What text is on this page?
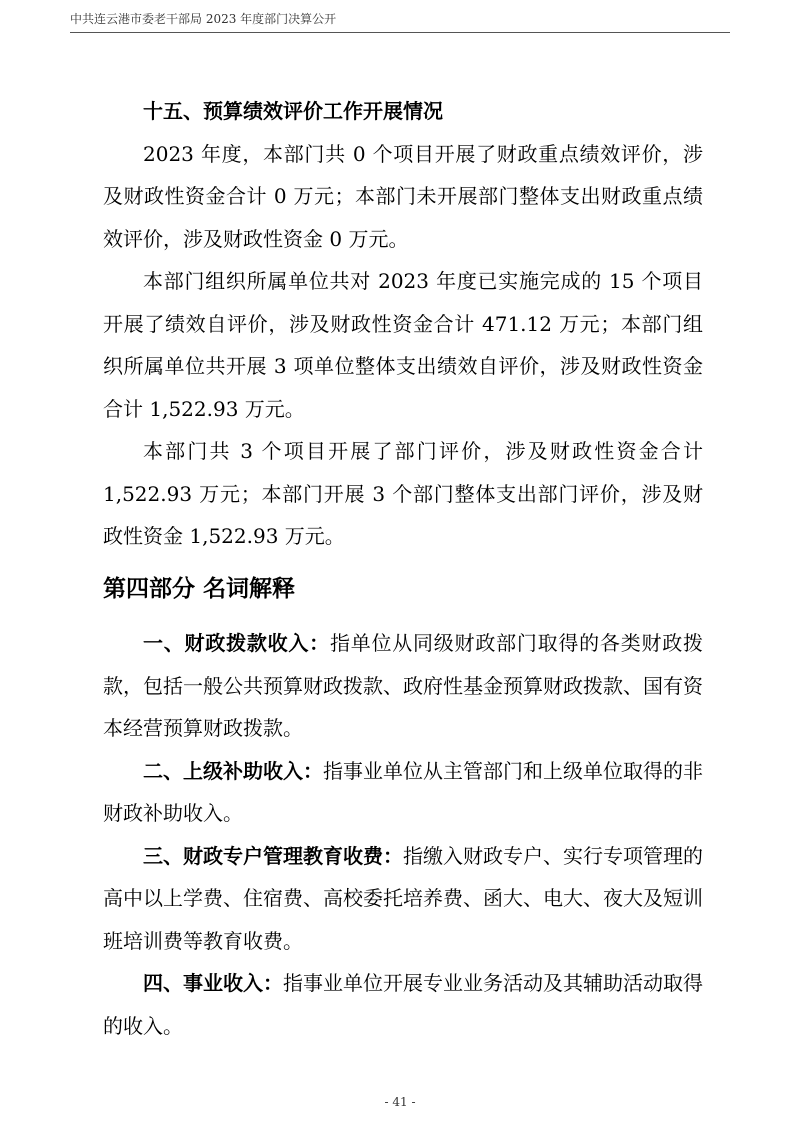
中共连云港市委老干部局 2023 年度部门决算公开

十五、预算绩效评价工作开展情况

2023 年度，本部门共 0 个项目开展了财政重点绩效评价，涉及财政性资金合计 0 万元；本部门未开展部门整体支出财政重点绩效评价，涉及财政性资金 0 万元。

本部门组织所属单位共对 2023 年度已实施完成的 15 个项目开展了绩效自评价，涉及财政性资金合计 471.12 万元；本部门组织所属单位共开展 3 项单位整体支出绩效自评价，涉及财政性资金合计 1,522.93 万元。

本部门共 3 个项目开展了部门评价，涉及财政性资金合计 1,522.93 万元；本部门开展 3 个部门整体支出部门评价，涉及财政性资金 1,522.93 万元。

第四部分 名词解释

一、财政拨款收入：指单位从同级财政部门取得的各类财政拨款，包括一般公共预算财政拨款、政府性基金预算财政拨款、国有资本经营预算财政拨款。

二、上级补助收入：指事业单位从主管部门和上级单位取得的非财政补助收入。

三、财政专户管理教育收费：指缴入财政专户、实行专项管理的高中以上学费、住宿费、高校委托培养费、函大、电大、夜大及短训班培训费等教育收费。

四、事业收入：指事业单位开展专业业务活动及其辅助活动取得的收入。

- 41 -
